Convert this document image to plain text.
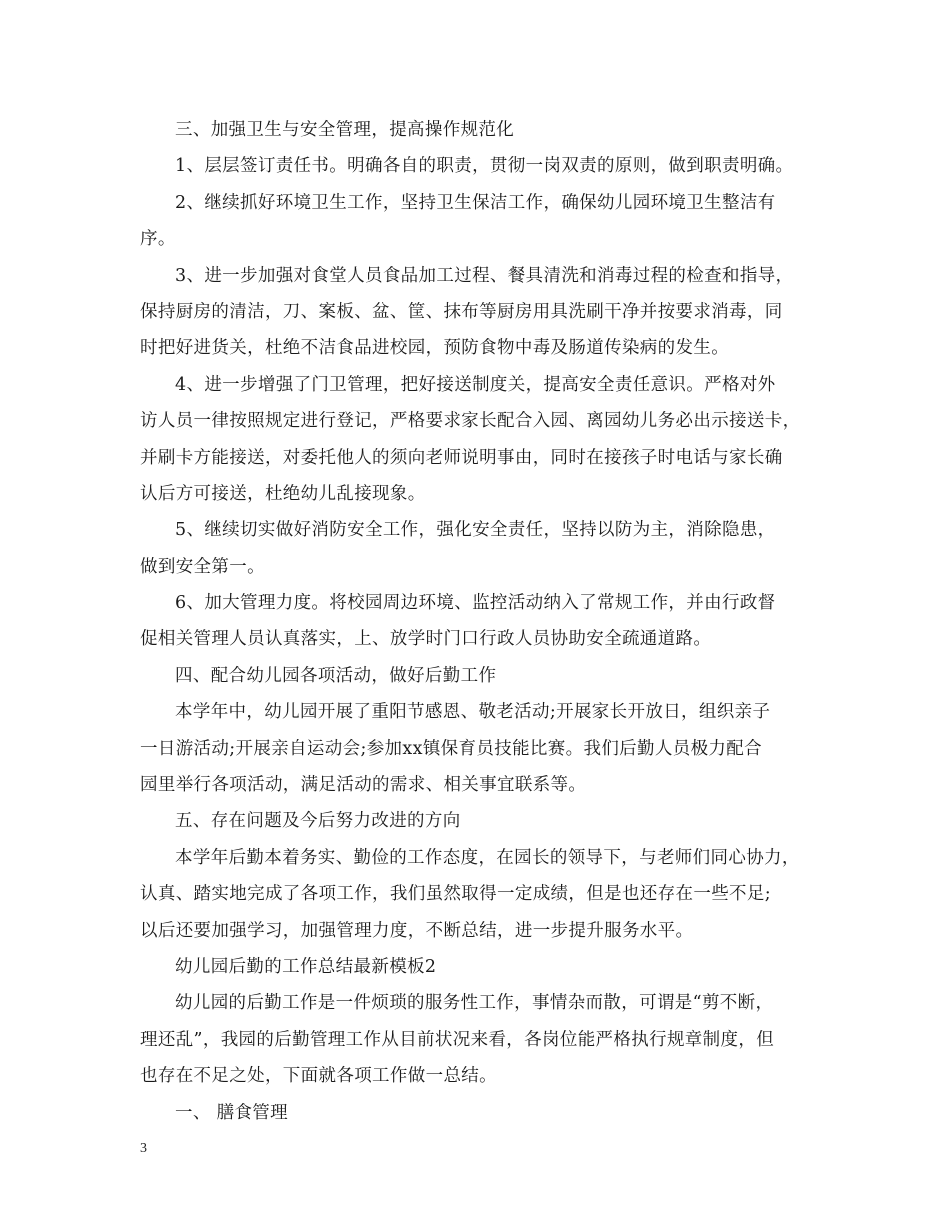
三、加强卫生与安全管理，提高操作规范化
1、层层签订责任书。明确各自的职责，贯彻一岗双责的原则，做到职责明确。
2、继续抓好环境卫生工作，坚持卫生保洁工作，确保幼儿园环境卫生整洁有
序。
3、进一步加强对食堂人员食品加工过程、餐具清洗和消毒过程的检查和指导，
保持厨房的清洁，刀、案板、盆、筐、抹布等厨房用具洗刷干净并按要求消毒，同
时把好进货关，杜绝不洁食品进校园，预防食物中毒及肠道传染病的发生。
4、进一步增强了门卫管理，把好接送制度关，提高安全责任意识。严格对外
访人员一律按照规定进行登记，严格要求家长配合入园、离园幼儿务必出示接送卡，
并刷卡方能接送，对委托他人的须向老师说明事由，同时在接孩子时电话与家长确
认后方可接送，杜绝幼儿乱接现象。
5、继续切实做好消防安全工作，强化安全责任，坚持以防为主，消除隐患，
做到安全第一。
6、加大管理力度。将校园周边环境、监控活动纳入了常规工作，并由行政督
促相关管理人员认真落实，上、放学时门口行政人员协助安全疏通道路。
四、配合幼儿园各项活动，做好后勤工作
本学年中，幼儿园开展了重阳节感恩、敬老活动;开展家长开放日，组织亲子
一日游活动;开展亲自运动会;参加xx镇保育员技能比赛。我们后勤人员极力配合
园里举行各项活动，满足活动的需求、相关事宜联系等。
五、存在问题及今后努力改进的方向
本学年后勤本着务实、勤俭的工作态度，在园长的领导下，与老师们同心协力，
认真、踏实地完成了各项工作，我们虽然取得一定成绩，但是也还存在一些不足;
以后还要加强学习，加强管理力度，不断总结，进一步提升服务水平。
幼儿园后勤的工作总结最新模板2
幼儿园的后勤工作是一件烦琐的服务性工作，事情杂而散，可谓是“剪不断，
理还乱”，我园的后勤管理工作从目前状况来看，各岗位能严格执行规章制度，但
也存在不足之处，下面就各项工作做一总结。
一、 膳食管理
3
